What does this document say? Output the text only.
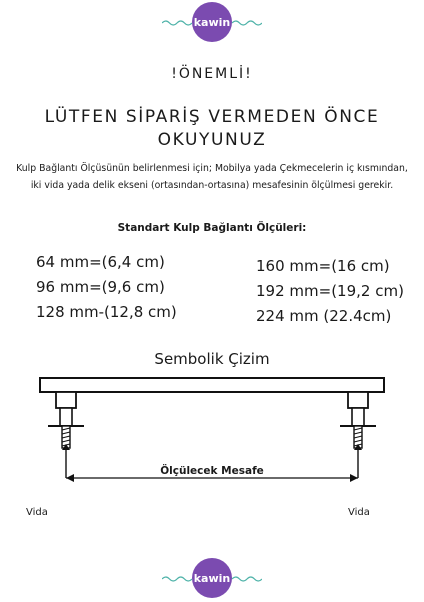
kawin
!ÖNEMLİ!
LÜTFEN SİPARİŞ VERMEDEN ÖNCE
OKUYUNUZ
Kulp Bağlantı Ölçüsünün belirlenmesi için; Mobilya yada Çekmecelerin iç kısmından,
iki vida yada delik ekseni (ortasından-ortasına) mesafesinin ölçülmesi gerekir.
Standart Kulp Bağlantı Ölçüleri:
64 mm=(6,4 cm)
96 mm=(9,6 cm)
128 mm-(12,8 cm)
160 mm=(16 cm)
192 mm=(19,2 cm)
224 mm (22.4cm)
Sembolik Çizim
Ölçülecek Mesafe
Vida	Vida
kawin
